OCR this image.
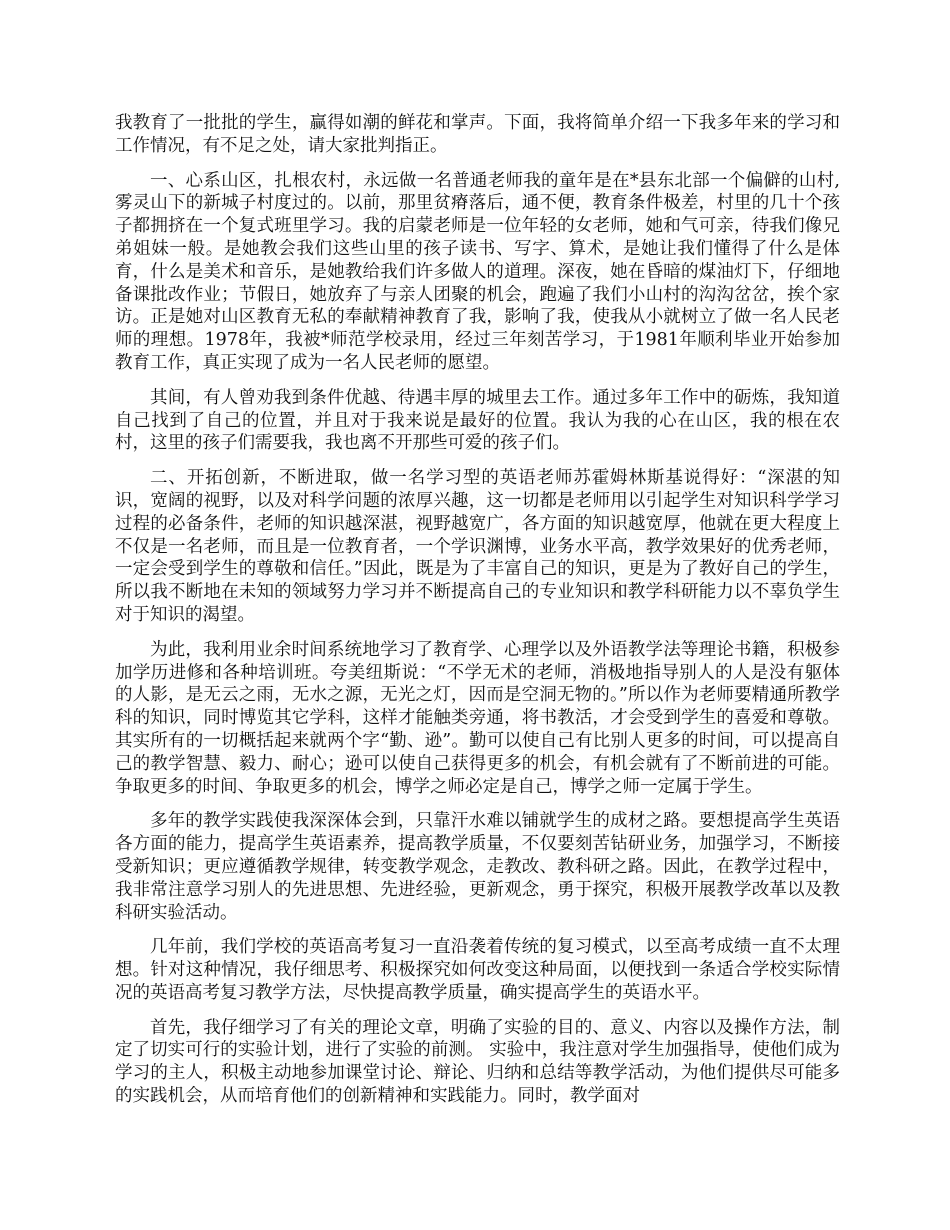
我教育了一批批的学生，赢得如潮的鲜花和掌声。下面，我将简单介绍一下我多年来的学习和工作情况，有不足之处，请大家批判指正。

一、心系山区，扎根农村，永远做一名普通老师我的童年是在*县东北部一个偏僻的山村,雾灵山下的新城子村度过的。以前，那里贫瘠落后，通不便，教育条件极差，村里的几十个孩子都拥挤在一个复式班里学习。我的启蒙老师是一位年轻的女老师，她和气可亲，待我们像兄弟姐妹一般。是她教会我们这些山里的孩子读书、写字、算术，是她让我们懂得了什么是体育，什么是美术和音乐，是她教给我们许多做人的道理。深夜，她在昏暗的煤油灯下，仔细地备课批改作业；节假日，她放弃了与亲人团聚的机会，跑遍了我们小山村的沟沟岔岔，挨个家访。正是她对山区教育无私的奉献精神教育了我，影响了我，使我从小就树立了做一名人民老师的理想。1978年，我被*师范学校录用，经过三年刻苦学习，于1981年顺利毕业开始参加教育工作，真正实现了成为一名人民老师的愿望。

其间，有人曾劝我到条件优越、待遇丰厚的城里去工作。通过多年工作中的砺炼，我知道自己找到了自己的位置，并且对于我来说是最好的位置。我认为我的心在山区，我的根在农村，这里的孩子们需要我，我也离不开那些可爱的孩子们。

二、开拓创新，不断进取，做一名学习型的英语老师苏霍姆林斯基说得好：“深湛的知识，宽阔的视野，以及对科学问题的浓厚兴趣，这一切都是老师用以引起学生对知识科学学习过程的必备条件，老师的知识越深湛，视野越宽广，各方面的知识越宽厚，他就在更大程度上不仅是一名老师，而且是一位教育者，一个学识渊博，业务水平高，教学效果好的优秀老师，一定会受到学生的尊敬和信任。”因此，既是为了丰富自己的知识，更是为了教好自己的学生，所以我不断地在未知的领域努力学习并不断提高自己的专业知识和教学科研能力以不辜负学生对于知识的渴望。

为此，我利用业余时间系统地学习了教育学、心理学以及外语教学法等理论书籍，积极参加学历进修和各种培训班。夸美纽斯说：“不学无术的老师，消极地指导别人的人是没有躯体的人影，是无云之雨，无水之源，无光之灯，因而是空洞无物的。”所以作为老师要精通所教学科的知识，同时博览其它学科，这样才能触类旁通，将书教活，才会受到学生的喜爱和尊敬。其实所有的一切概括起来就两个字“勤、逊”。勤可以使自己有比别人更多的时间，可以提高自己的教学智慧、毅力、耐心；逊可以使自己获得更多的机会，有机会就有了不断前进的可能。争取更多的时间、争取更多的机会，博学之师必定是自己，博学之师一定属于学生。

多年的教学实践使我深深体会到，只靠汗水难以铺就学生的成材之路。要想提高学生英语各方面的能力，提高学生英语素养，提高教学质量，不仅要刻苦钻研业务，加强学习，不断接受新知识；更应遵循教学规律，转变教学观念，走教改、教科研之路。因此，在教学过程中，我非常注意学习别人的先进思想、先进经验，更新观念，勇于探究，积极开展教学改革以及教科研实验活动。

几年前，我们学校的英语高考复习一直沿袭着传统的复习模式，以至高考成绩一直不太理想。针对这种情况，我仔细思考、积极探究如何改变这种局面，以便找到一条适合学校实际情况的英语高考复习教学方法，尽快提高教学质量，确实提高学生的英语水平。

首先，我仔细学习了有关的理论文章，明确了实验的目的、意义、内容以及操作方法，制定了切实可行的实验计划，进行了实验的前测。 实验中，我注意对学生加强指导，使他们成为学习的主人，积极主动地参加课堂讨论、辩论、归纳和总结等教学活动，为他们提供尽可能多的实践机会，从而培育他们的创新精神和实践能力。同时，教学面对
